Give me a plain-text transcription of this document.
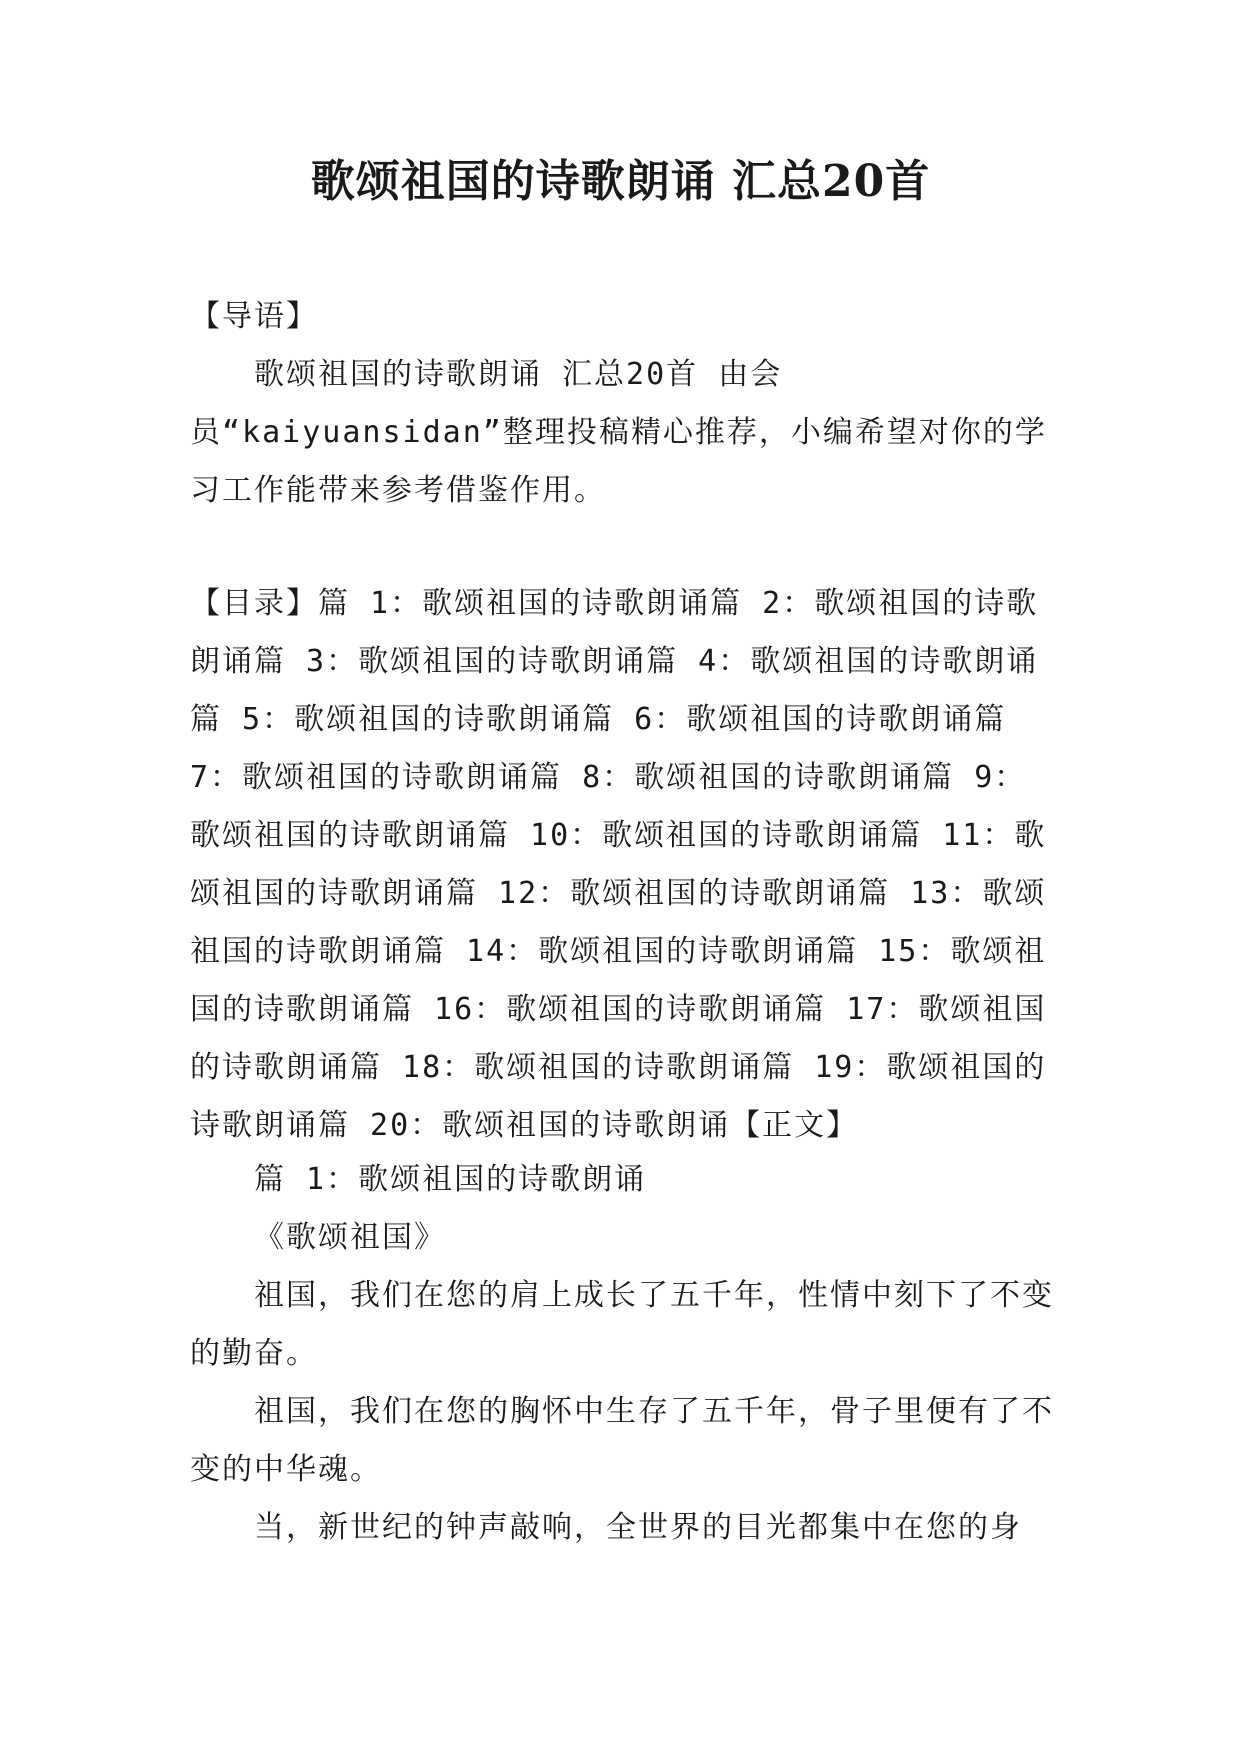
歌颂祖国的诗歌朗诵 汇总20首

【导语】

歌颂祖国的诗歌朗诵 汇总20首 由会员“kaiyuansidan”整理投稿精心推荐，小编希望对你的学习工作能带来参考借鉴作用。

【目录】篇 1：歌颂祖国的诗歌朗诵篇 2：歌颂祖国的诗歌朗诵篇 3：歌颂祖国的诗歌朗诵篇 4：歌颂祖国的诗歌朗诵篇 5：歌颂祖国的诗歌朗诵篇 6：歌颂祖国的诗歌朗诵篇 7：歌颂祖国的诗歌朗诵篇 8：歌颂祖国的诗歌朗诵篇 9：歌颂祖国的诗歌朗诵篇 10：歌颂祖国的诗歌朗诵篇 11：歌颂祖国的诗歌朗诵篇 12：歌颂祖国的诗歌朗诵篇 13：歌颂祖国的诗歌朗诵篇 14：歌颂祖国的诗歌朗诵篇 15：歌颂祖国的诗歌朗诵篇 16：歌颂祖国的诗歌朗诵篇 17：歌颂祖国的诗歌朗诵篇 18：歌颂祖国的诗歌朗诵篇 19：歌颂祖国的诗歌朗诵篇 20：歌颂祖国的诗歌朗诵【正文】

篇 1：歌颂祖国的诗歌朗诵

《歌颂祖国》

祖国，我们在您的肩上成长了五千年，性情中刻下了不变的勤奋。

祖国，我们在您的胸怀中生存了五千年，骨子里便有了不变的中华魂。

当，新世纪的钟声敲响，全世界的目光都集中在您的身
